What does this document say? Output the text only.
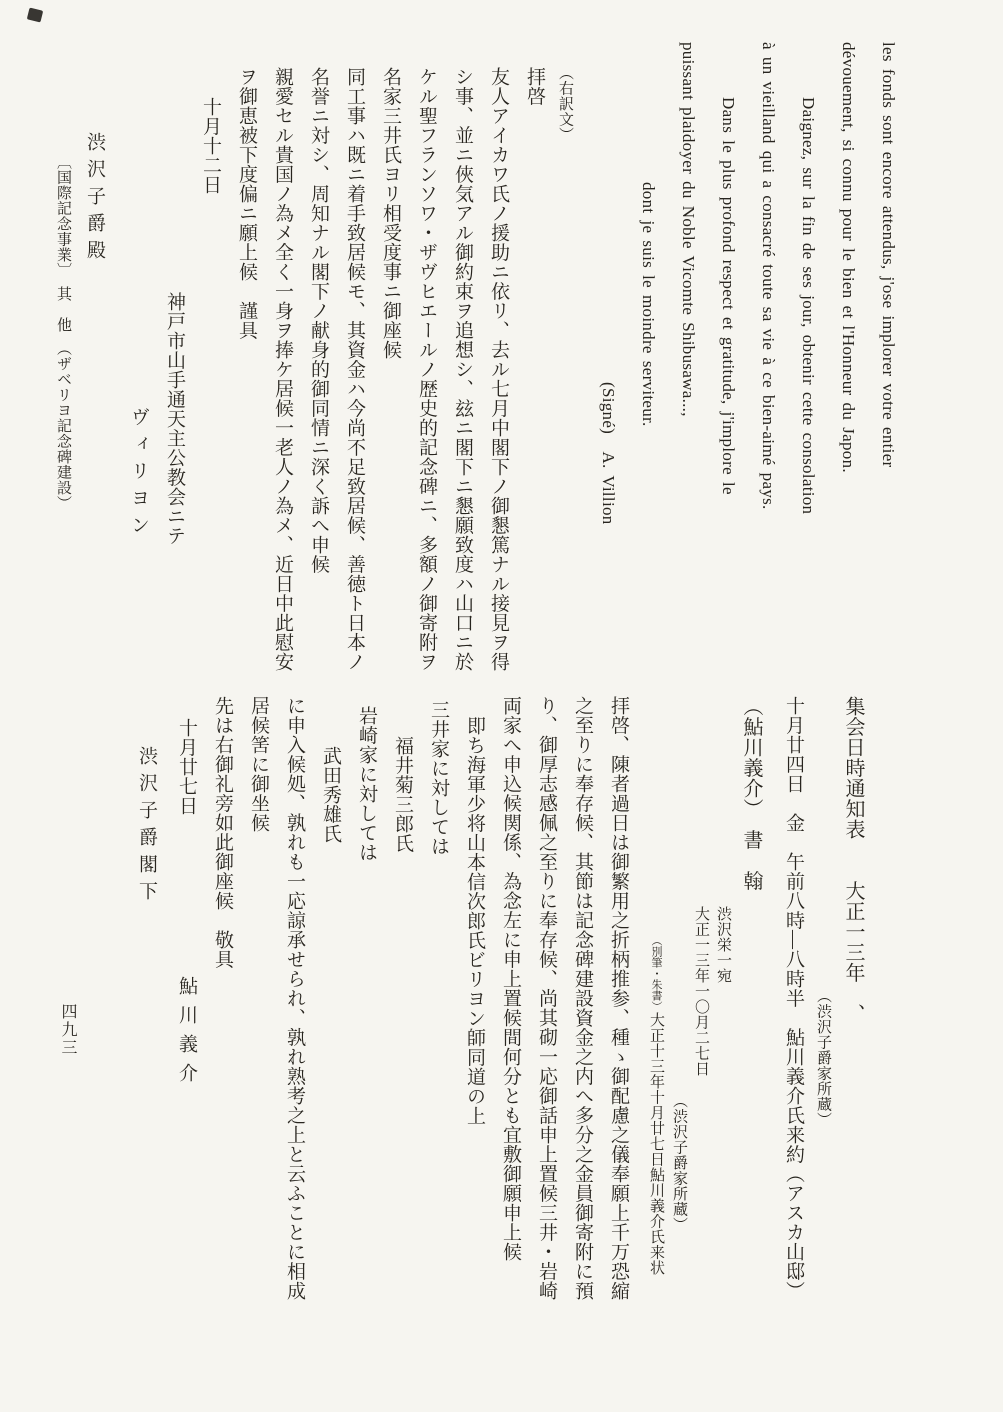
les fonds sont encore attendus, j'ose implorer votre entier
dévouement, si connu pour le bien et l'Honneur du Japon.
Daignez, sur la fin de ses jour, obtenir cette consolation
à un vieilland qui a consacré toute sa vie à ce bien-aimé pays.
Dans le plus profond respect et gratitude, j'implore le
puissant plaidoyer du Noble Vicomte Shibusawa...,
dont je suis le moindre serviteur.
(Signé)　A. Villion
（右訳文）
拝啓
友人アイカワ氏ノ援助ニ依リ、去ル七月中閣下ノ御懇篤ナル接見ヲ得
シ事、並ニ俠気アル御約束ヲ追想シ、玆ニ閣下ニ懇願致度ハ山口ニ於
ケル聖フランソワ・ザヴヒエールノ歴史的記念碑ニ、多額ノ御寄附ヲ
名家三井氏ヨリ相受度事ニ御座候
同工事ハ既ニ着手致居候モ、其資金ハ今尚不足致居候、善徳ト日本ノ
名誉ニ対シ、周知ナル閣下ノ献身的御同情ニ深く訴へ申候
親愛セル貴国ノ為メ全く一身ヲ捧ケ居候一老人ノ為メ、近日中此慰安
ヲ御恵被下度偏ニ願上候　謹具
十月十二日
神戸市山手通天主公教会ニテ
ヴィリヨン
渋沢子爵殿
〔国際記念事業〕　其　他　（ザベリヨ記念碑建設）
集会日時通知表　　大正一三年　、
（渋沢子爵家所蔵）
十月廿四日　金　午前八時―八時半　鮎川義介氏来約（アスカ山邸）
（鮎川義介）　書　翰
渋沢栄一宛
大正一三年一〇月二七日
（渋沢子爵家所蔵）
（別筆・朱書）大正十三年十月廿七日鮎川義介氏来状
拝啓、陳者過日は御繁用之折柄推参、種ゝ御配慮之儀奉願上千万恐縮
之至りに奉存候、其節は記念碑建設資金之内へ多分之金員御寄附に預
り、御厚志感佩之至りに奉存候、尚其砌一応御話申上置候三井・岩崎
両家へ申込候関係、為念左に申上置候間何分とも宜敷御願申上候
即ち海軍少将山本信次郎氏ビリヨン師同道の上
三井家に対しては
福井菊三郎氏
岩崎家に対しては
武田秀雄氏
に申入候処、孰れも一応諒承せられ、孰れ熟考之上と云ふことに相成
居候筈に御坐候
先は右御礼旁如此御座候　敬具
十月廿七日鮎川義介
渋沢子爵閣下
四九三
